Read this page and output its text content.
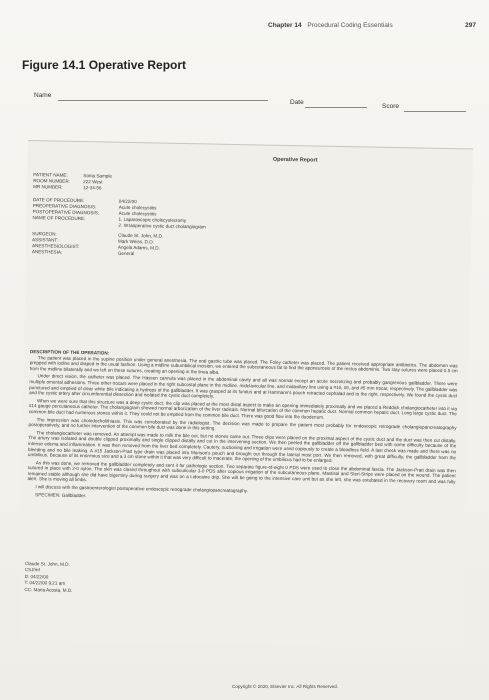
Chapter 14 Procedural Coding Essentials	297
Figure 14.1 Operative Report
Name
Date
Score
Operative Report
PATIENT NAME:	Sonia Sample
ROOM NUMBER:	222 West
MR NUMBER:	12-34-56
DATE OF PROCEDURE:	04/22/00
PREOPERATIVE DIAGNOSIS:	Acute cholecystitis
POSTOPERATIVE DIAGNOSIS:	Acute cholecystitis
NAME OF PROCEDURE:	1. Laparoscopic cholecystectomy
2. Intraoperative cystic duct cholangiogram
SURGEON:	Claude St. John, M.D.
ASSISTANT:	Mark Weiss, D.O.
ANESTHESIOLOGIST:	Angela Adams, M.D.
ANESTHESIA:	General
DESCRIPTION OF THE OPERATION:

The patient was placed in the supine position under general anesthesia. The oral gastric tube was placed. The Foley catheter was placed. The patient received appropriate antibiotics. The abdomen was prepped with iodine and draped in the usual fashion. Using a midline subumbilical incision, we entered the subcutaneous fat to find the aponeurosis of the rectus abdominis. Two stay sutures were placed 0.5 cm from the midline bilaterally and we left on these sutures, creating an opening in the linea alba.

Under direct vision, the catheter was placed. The Hasson cannula was placed in the abdominal cavity and all was normal except an acute necrotizing and probably gangrenous gallbladder. There were multiple omental adhesions. Three other trocars were placed in the right subcostal plane in the midline, midclavicular line, and midaxillary line using a #10, #5, and #5 mm trocar, respectively. The gallbladder was punctured and emptied of clear white bile indicating a hydrops of the gallbladder. It was grasped at its fundus and at Hartmann's pouch retracted cephalad and to the right, respectively. We found the cystic duct and the cystic artery after circumferential dissection and isolated the cystic duct completely.

When we were sure that this structure was a deep cystic duct, the clip was placed at the most distal aspect to make an opening immediately proximally and we placed a Reddick cholangiocatheter into it via #14 gauge percutaneous catheter. The cholangiogram showed normal arborization of the liver radicals. Normal bifurcation of the common hepatic duct. Normal common hepatic duct. Long large cystic duct. The common bile duct had numerous stones within it. They could not be emptied from the common bile duct. There was good flow into the duodenum.

The impression was choledocholithiasis. This was corroborated by the radiologist. The decision was made to prepare the patient most probably for endoscopic retrograde cholangiopancreatography postoperatively, and no further intervention of the common bile duct was done in this setting.

The cholangiocatheter was removed. An attempt was made to milk the bile out, but no stones came out. Three clips were placed on the proximal aspect of the cystic duct and the duct was then cut distally. The artery was isolated and double clipped proximally and single clipped distally and cut in the intervening section. We then peeled the gallbladder off the gallbladder bed with some difficulty because of the intense edema and inflammation. It was then removed from the liver bed completely. Cautery, suctioning and irrigation were used copiously to create a bloodless field. A last check was made and there was no bleeding and no bile leaking. A #15 Jackson-Pratt type drain was placed into Morison's pouch and brought out through the lateral most port. We then removed, with great difficulty, the gallbladder from the umbilicus. Because of its enormous size and a 3 cm stone within it that was very difficult to macerate, the opening of the umbilicus had to be enlarged.

As this was done, we removed the gallbladder completely and sent it for pathologic section. Two separate figure-of-eight 0 PDS were used to close the abdominal fascia. The Jackson-Pratt drain was then sutured in place with 2-0 nylon. The skin was closed throughout with subcuticular 3-0 PDS after copious irrigation of the subcutaneous plane. Mastisol and Steri-Strips were placed on the wound. The patient remained stable although she did have bigeminy during surgery and was on a Lidocaine drip. She will be going to the intensive care unit but as she left, she was extubated in the recovery room and was fully alert. She is moving all limbs.

I will discuss with the gastroenterologist postoperative endoscopic retrograde cholangiopancreatography.

SPECIMEN: Gallbladder.

Claude St. John, M.D.
CSJ/mf
D: 04/22/00
T: 04/22/00 9:21 am
CC: Maria Acosta, M.D.
Copyright © 2020, Elsevier Inc. All Rights Reserved.
